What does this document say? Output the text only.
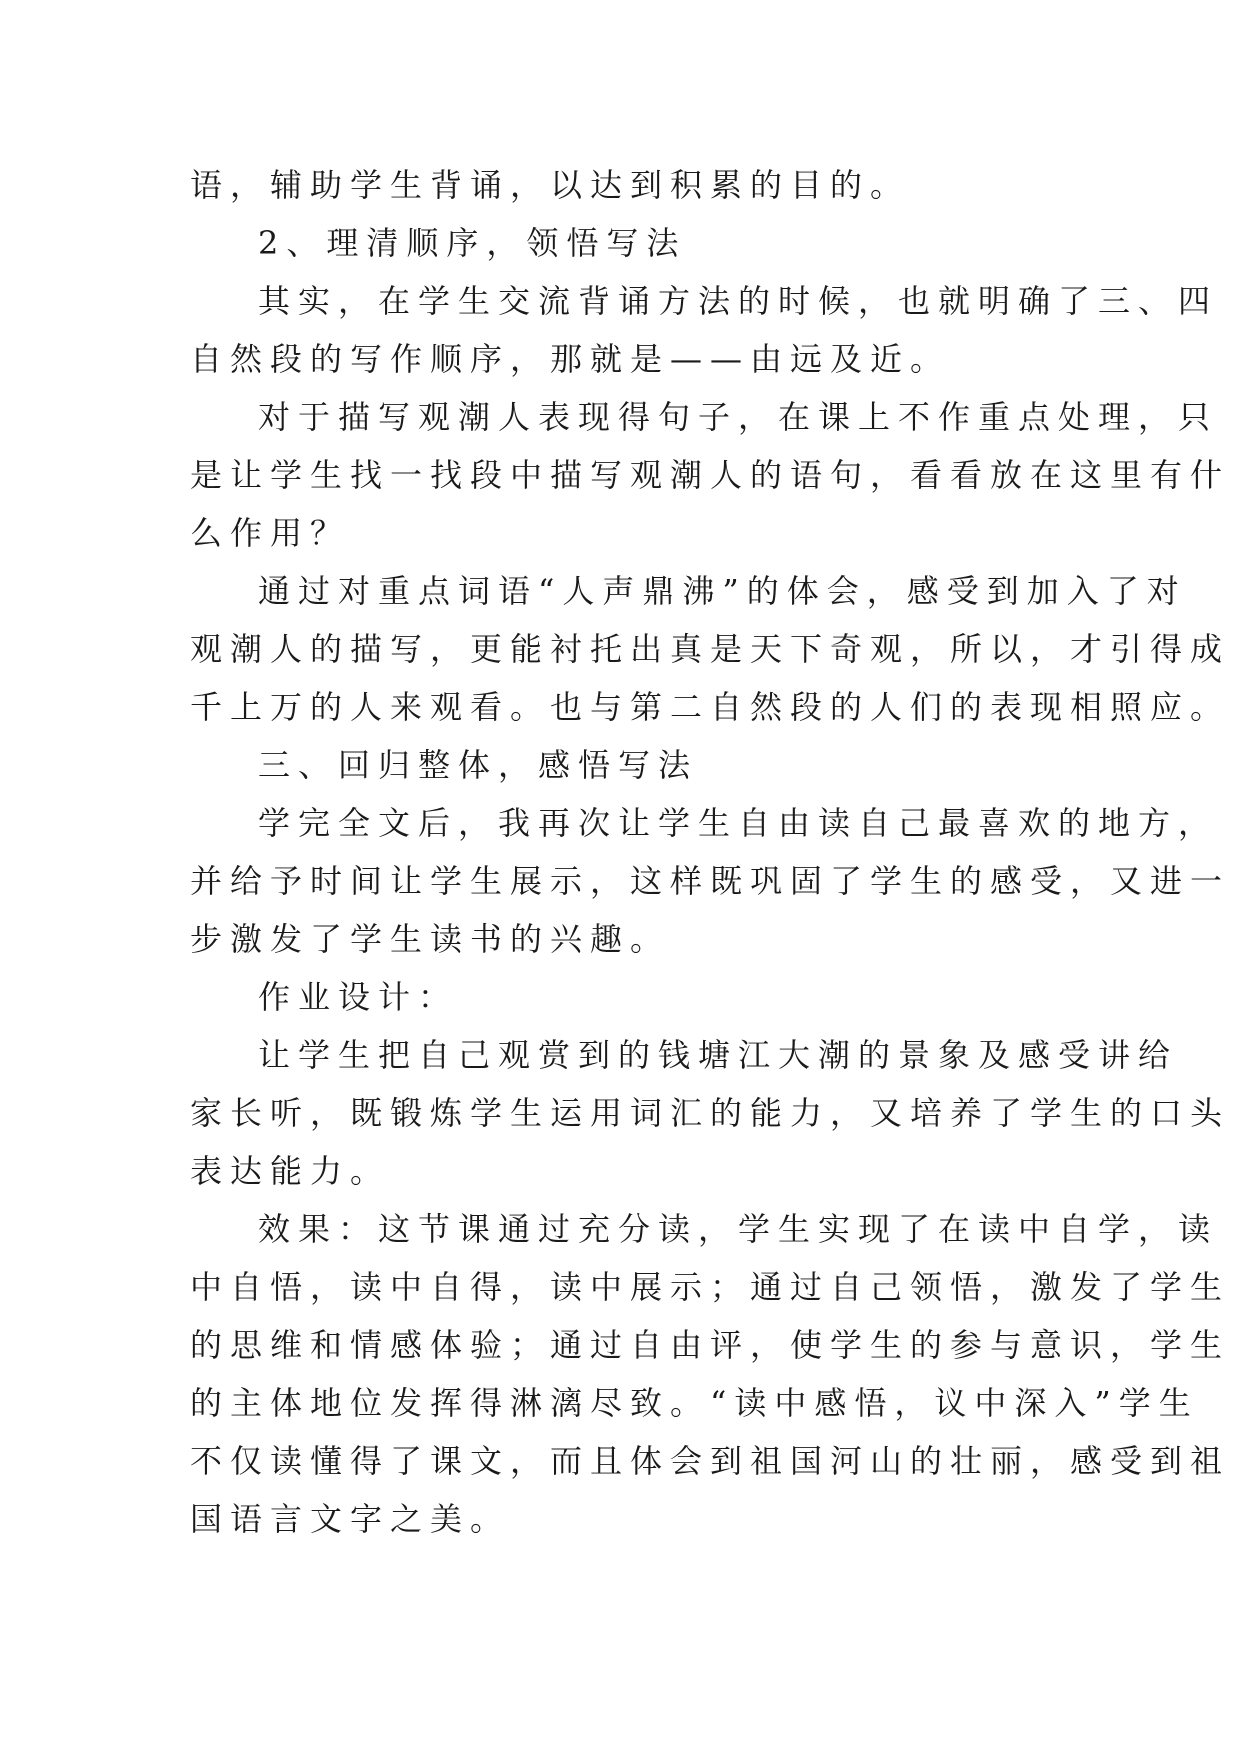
语，辅助学生背诵，以达到积累的目的。
2、理清顺序，领悟写法
其实，在学生交流背诵方法的时候，也就明确了三、四
自然段的写作顺序，那就是——由远及近。
对于描写观潮人表现得句子，在课上不作重点处理，只
是让学生找一找段中描写观潮人的语句，看看放在这里有什
么作用？
通过对重点词语“人声鼎沸”的体会，感受到加入了对
观潮人的描写，更能衬托出真是天下奇观，所以，才引得成
千上万的人来观看。也与第二自然段的人们的表现相照应。
三、回归整体，感悟写法
学完全文后，我再次让学生自由读自己最喜欢的地方，
并给予时间让学生展示，这样既巩固了学生的感受，又进一
步激发了学生读书的兴趣。
作业设计：
让学生把自己观赏到的钱塘江大潮的景象及感受讲给
家长听，既锻炼学生运用词汇的能力，又培养了学生的口头
表达能力。
效果：这节课通过充分读，学生实现了在读中自学，读
中自悟，读中自得，读中展示；通过自己领悟，激发了学生
的思维和情感体验；通过自由评，使学生的参与意识，学生
的主体地位发挥得淋漓尽致。“读中感悟，议中深入”学生
不仅读懂得了课文，而且体会到祖国河山的壮丽，感受到祖
国语言文字之美。
